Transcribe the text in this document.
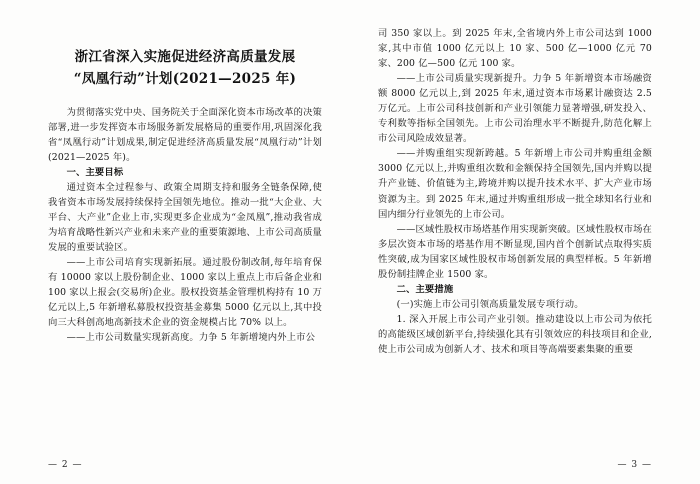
浙江省深入实施促进经济高质量发展
“凤凰行动”计划(2021—2025 年)

为贯彻落实党中央、国务院关于全面深化资本市场改革的决策部署,进一步发挥资本市场服务新发展格局的重要作用,巩固深化我省“凤凰行动”计划成果,制定促进经济高质量发展“凤凰行动”计划(2021—2025 年)。

一、主要目标

通过资本全过程参与、政策全周期支持和服务全链条保障,使我省资本市场发展持续保持全国领先地位。推动一批“大企业、大平台、大产业”企业上市,实现更多企业成为“金凤凰”,推动我省成为培育战略性新兴产业和未来产业的重要策源地、上市公司高质量发展的重要试验区。

——上市公司培育实现新拓展。通过股份制改制,每年培育保有 10000 家以上股份制企业、1000 家以上重点上市后备企业和 100 家以上报会(交易所)企业。股权投资基金管理机构持有 10 万亿元以上,5 年新增私募股权投资基金募集 5000 亿元以上,其中投向三大科创高地高新技术企业的资金规模占比 70% 以上。

——上市公司数量实现新高度。力争 5 年新增境内外上市公

— 2 —

司 350 家以上。到 2025 年末,全省境内外上市公司达到 1000 家,其中市值 1000 亿元以上 10 家、500 亿—1000 亿元 70 家、200 亿—500 亿元 100 家。

——上市公司质量实现新提升。力争 5 年新增资本市场融资额 8000 亿元以上,到 2025 年末,通过资本市场累计融资达 2.5 万亿元。上市公司科技创新和产业引领能力显著增强,研发投入、专利数等指标全国领先。上市公司治理水平不断提升,防范化解上市公司风险成效显著。

——并购重组实现新跨越。5 年新增上市公司并购重组金额 3000 亿元以上,并购重组次数和金额保持全国领先,国内并购以提升产业链、价值链为主,跨境并购以提升技术水平、扩大产业市场资源为主。到 2025 年末,通过并购重组形成一批全球知名行业和国内细分行业领先的上市公司。

——区域性股权市场塔基作用实现新突破。区域性股权市场在多层次资本市场的塔基作用不断显现,国内首个创新试点取得实质性突破,成为国家区域性股权市场创新发展的典型样板。5 年新增股份制挂牌企业 1500 家。

二、主要措施

(一)实施上市公司引领高质量发展专项行动。

1. 深入开展上市公司产业引领。推动建设以上市公司为依托的高能级区域创新平台,持续强化其有引领效应的科技项目和企业,使上市公司成为创新人才、技术和项目等高端要素集聚的重要

— 3 —
